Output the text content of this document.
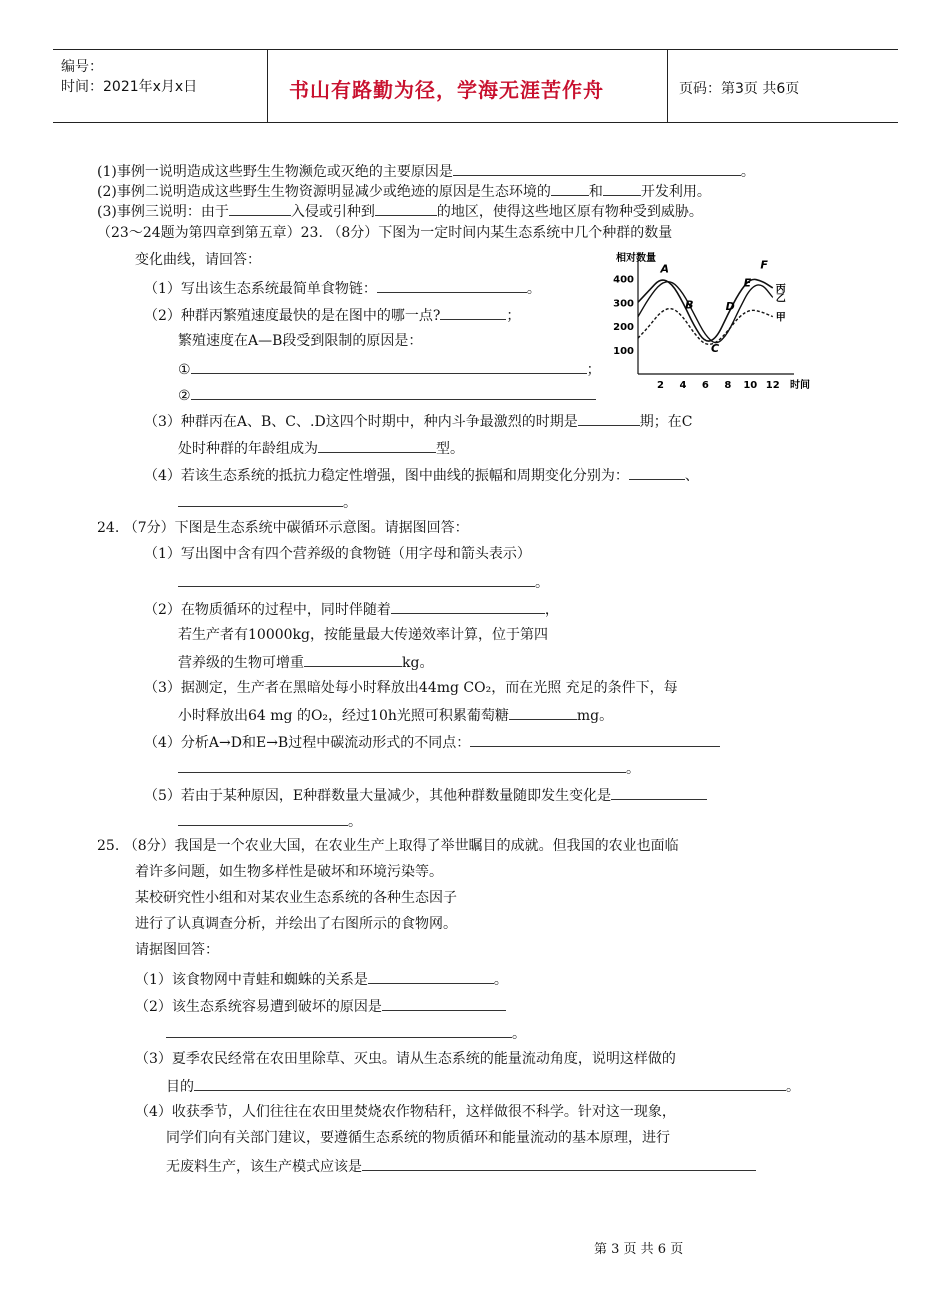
编号：
时间：2021年x月x日	书山有路勤为径，学海无涯苦作舟	页码：第3页 共6页
(1)事例一说明造成这些野生生物濒危或灭绝的主要原因是	。
(2)事例二说明造成这些野生生物资源明显减少或绝迹的原因是生态环境的	和	开发利用。
(3)事例三说明：由于	入侵或引种到	的地区，使得这些地区原有物种受到威胁。
（23～24题为第四章到第五章）23. （8分）下图为一定时间内某生态系统中几个种群的数量
变化曲线，请回答：
（1）写出该生态系统最简单食物链：	。
（2）种群丙繁殖速度最快的是在图中的哪一点?	；
繁殖速度在A—B段受到限制的原因是：
①	；
②
（3）种群丙在A、B、C、.D这四个时期中，种内斗争最激烈的时期是	期；在C
处时种群的年龄组成为	型。
（4）若该生态系统的抵抗力稳定性增强，图中曲线的振幅和周期变化分别为：	、
。
相对数量
时间
100
200
300
400
2 4 6 8 10 12
丙
乙
甲
A
B
C
D
E
F
24. （7分）下图是生态系统中碳循环示意图。请据图回答：
（1）写出图中含有四个营养级的食物链（用字母和箭头表示）
。
（2）在物质循环的过程中，同时伴随着	，
若生产者有10000kg，按能量最大传递效率计算，位于第四
营养级的生物可增重	kg。
（3）据测定，生产者在黑暗处每小时释放出44mg CO₂，而在光照 充足的条件下，每
小时释放出64 mg 的O₂，经过10h光照可积累葡萄糖	mg。
（4）分析A→D和E→B过程中碳流动形式的不同点：
。
（5）若由于某种原因，E种群数量大量减少，其他种群数量随即发生变化是
。
25. （8分）我国是一个农业大国，在农业生产上取得了举世瞩目的成就。但我国的农业也面临
着许多问题，如生物多样性是破坏和环境污染等。
某校研究性小组和对某农业生态系统的各种生态因子
进行了认真调查分析，并绘出了右图所示的食物网。
请据图回答：
（1）该食物网中青蛙和蜘蛛的关系是	。
（2）该生态系统容易遭到破坏的原因是
。
（3）夏季农民经常在农田里除草、灭虫。请从生态系统的能量流动角度，说明这样做的
目的	。
（4）收获季节，人们往往在农田里焚烧农作物秸秆，这样做很不科学。针对这一现象，
同学们向有关部门建议，要遵循生态系统的物质循环和能量流动的基本原理，进行
无废料生产，该生产模式应该是
第 3 页 共 6 页
